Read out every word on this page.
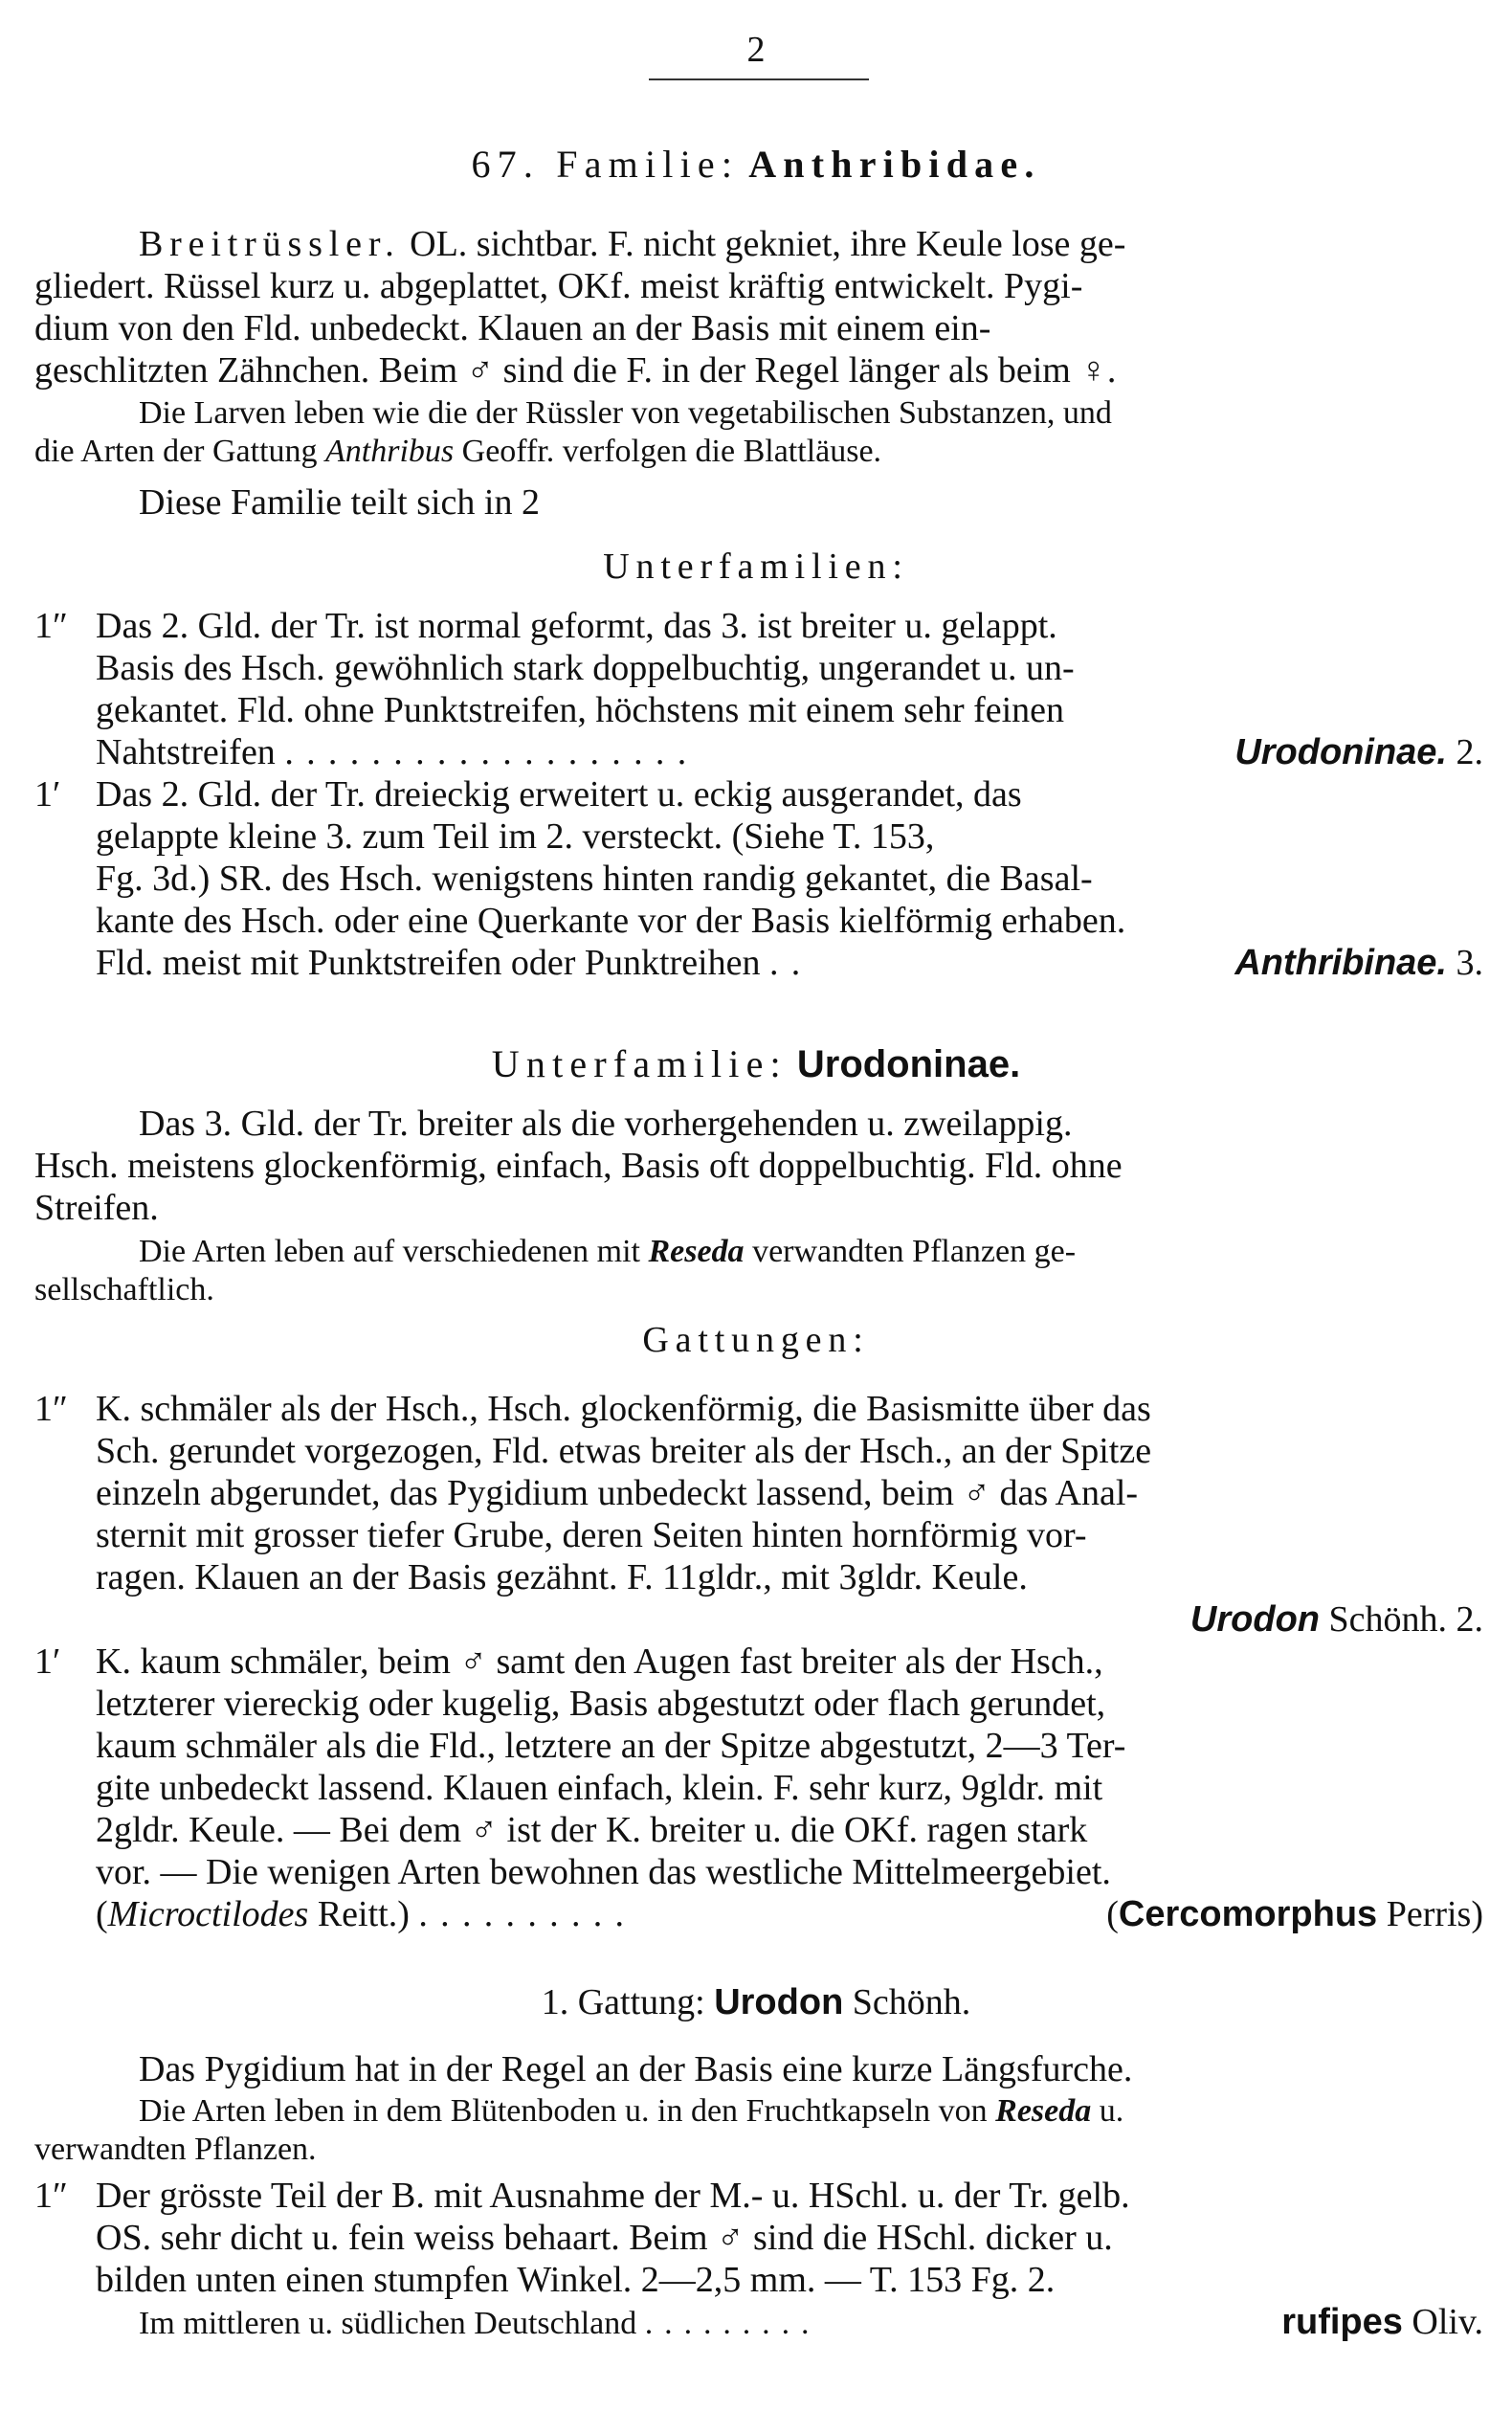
2
67. Familie: Anthribidae.
Breitrüssler. OL. sichtbar. F. nicht gekniet, ihre Keule lose ge-
gliedert. Rüssel kurz u. abgeplattet, OKf. meist kräftig entwickelt. Pygi-
dium von den Fld. unbedeckt. Klauen an der Basis mit einem ein-
geschlitzten Zähnchen. Beim ♂ sind die F. in der Regel länger als beim ♀.
Die Larven leben wie die der Rüssler von vegetabilischen Substanzen, und
die Arten der Gattung Anthribus Geoffr. verfolgen die Blattläuse.
Diese Familie teilt sich in 2
Unterfamilien:
1″ Das 2. Gld. der Tr. ist normal geformt, das 3. ist breiter u. gelappt.
Basis des Hsch. gewöhnlich stark doppelbuchtig, ungerandet u. un-
gekantet. Fld. ohne Punktstreifen, höchstens mit einem sehr feinen
Nahtstreifen ...................	Urodoninae. 2.
1′ Das 2. Gld. der Tr. dreieckig erweitert u. eckig ausgerandet, das
gelappte kleine 3. zum Teil im 2. versteckt. (Siehe T. 153,
Fg. 3d.) SR. des Hsch. wenigstens hinten randig gekantet, die Basal-
kante des Hsch. oder eine Querkante vor der Basis kielförmig erhaben.
Fld. meist mit Punktstreifen oder Punktreihen ..	Anthribinae. 3.
Unterfamilie: Urodoninae.
Das 3. Gld. der Tr. breiter als die vorhergehenden u. zweilappig.
Hsch. meistens glockenförmig, einfach, Basis oft doppelbuchtig. Fld. ohne
Streifen.
Die Arten leben auf verschiedenen mit Reseda verwandten Pflanzen ge-
sellschaftlich.
Gattungen:
1″ K. schmäler als der Hsch., Hsch. glockenförmig, die Basismitte über das
Sch. gerundet vorgezogen, Fld. etwas breiter als der Hsch., an der Spitze
einzeln abgerundet, das Pygidium unbedeckt lassend, beim ♂ das Anal-
sternit mit grosser tiefer Grube, deren Seiten hinten hornförmig vor-
ragen. Klauen an der Basis gezähnt. F. 11gldr., mit 3gldr. Keule.
Urodon Schönh. 2.
1′ K. kaum schmäler, beim ♂ samt den Augen fast breiter als der Hsch.,
letzterer viereckig oder kugelig, Basis abgestutzt oder flach gerundet,
kaum schmäler als die Fld., letztere an der Spitze abgestutzt, 2—3 Ter-
gite unbedeckt lassend. Klauen einfach, klein. F. sehr kurz, 9gldr. mit
2gldr. Keule. — Bei dem ♂ ist der K. breiter u. die OKf. ragen stark
vor. — Die wenigen Arten bewohnen das westliche Mittelmeergebiet.
(Microctilodes Reitt.) ..........	(Cercomorphus Perris)
1. Gattung: Urodon Schönh.
Das Pygidium hat in der Regel an der Basis eine kurze Längsfurche.
Die Arten leben in dem Blütenboden u. in den Fruchtkapseln von Reseda u.
verwandten Pflanzen.
1″ Der grösste Teil der B. mit Ausnahme der M.- u. HSchl. u. der Tr. gelb.
OS. sehr dicht u. fein weiss behaart. Beim ♂ sind die HSchl. dicker u.
bilden unten einen stumpfen Winkel. 2—2,5 mm. — T. 153 Fg. 2.
Im mittleren u. südlichen Deutschland .........	rufipes Oliv.
